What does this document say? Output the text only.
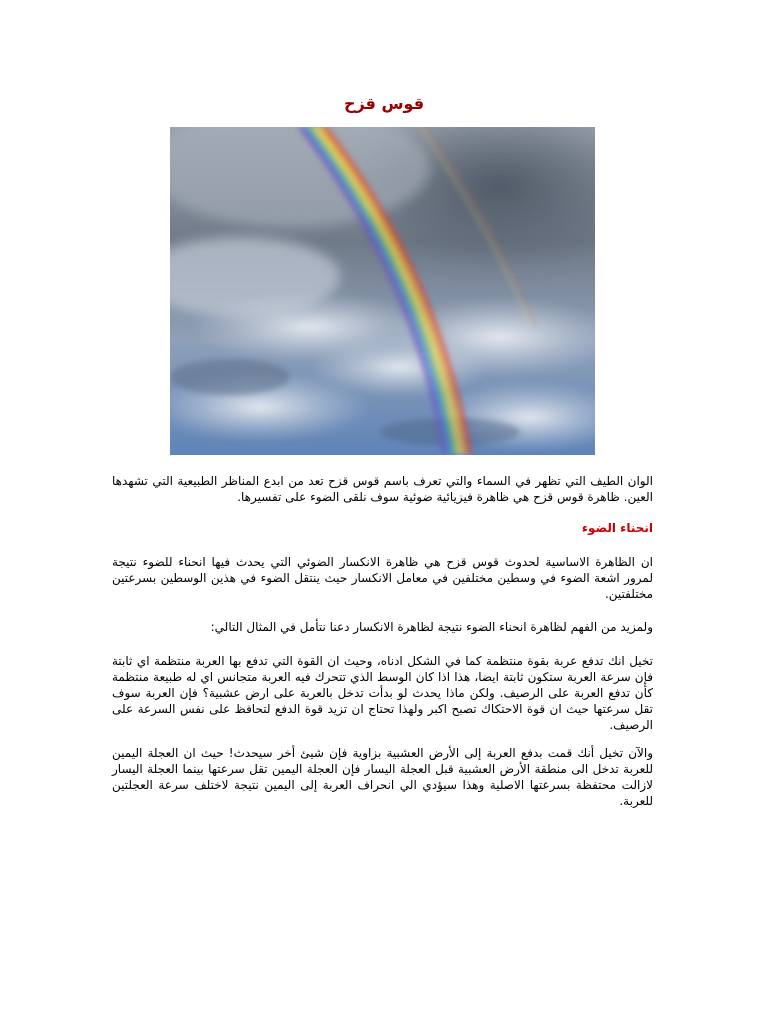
قوس قزح
الوان الطيف التي تظهر في السماء والتي تعرف باسم قوس قزح تعد من ابدع المناظر الطبيعية التي تشهدها العين. ظاهرة قوس قزح هي ظاهرة فيزيائية ضوئية سوف نلقى الضوء على تفسيرها.
انحناء الضوء
ان الظاهرة الاساسية لحدوث قوس قزح هي ظاهرة الانكسار الضوئي التي يحدث فيها انحناء للضوء نتيجة لمرور اشعة الضوء في وسطين مختلفين في معامل الانكسار حيث ينتقل الضوء في هذين الوسطين بسرعتين مختلفتين.
ولمزيد من الفهم لظاهرة انحناء الضوء نتيجة لظاهرة الانكسار دعنا نتأمل في المثال التالي:
تخيل انك تدفع عربة بقوة منتظمة كما في الشكل ادناه، وحيث ان القوة التي تدفع بها العربة منتظمة اي ثابتة فإن سرعة العربة ستكون ثابتة ايضا، هذا اذا كان الوسط الذي تتحرك فيه العربة متجانس اي له طبيعة منتظمة كأن تدفع العربة على الرصيف. ولكن ماذا يحدث لو بدأت تدخل بالعربة على ارض عشبية؟ فإن العربة سوف تقل سرعتها حيث ان قوة الاحتكاك تصبح اكبر ولهذا تحتاج ان تزيد قوة الدفع لتحافظ على نفس السرعة على الرصيف.
والآن تخيل أنك قمت بدفع العربة إلى الأرض العشبية بزاوية فإن شيئ أخر سيحدث! حيث ان العجلة اليمين للعربة تدخل الى منطقة الأرض العشبية قبل العجلة اليسار فإن العجلة اليمين تقل سرعتها بينما العجلة اليسار لازالت محتفظة بسرعتها الاصلية وهذا سيؤدي الي انحراف العربة إلى اليمين نتيجة لاختلف سرعة العجلتين للعربة.
